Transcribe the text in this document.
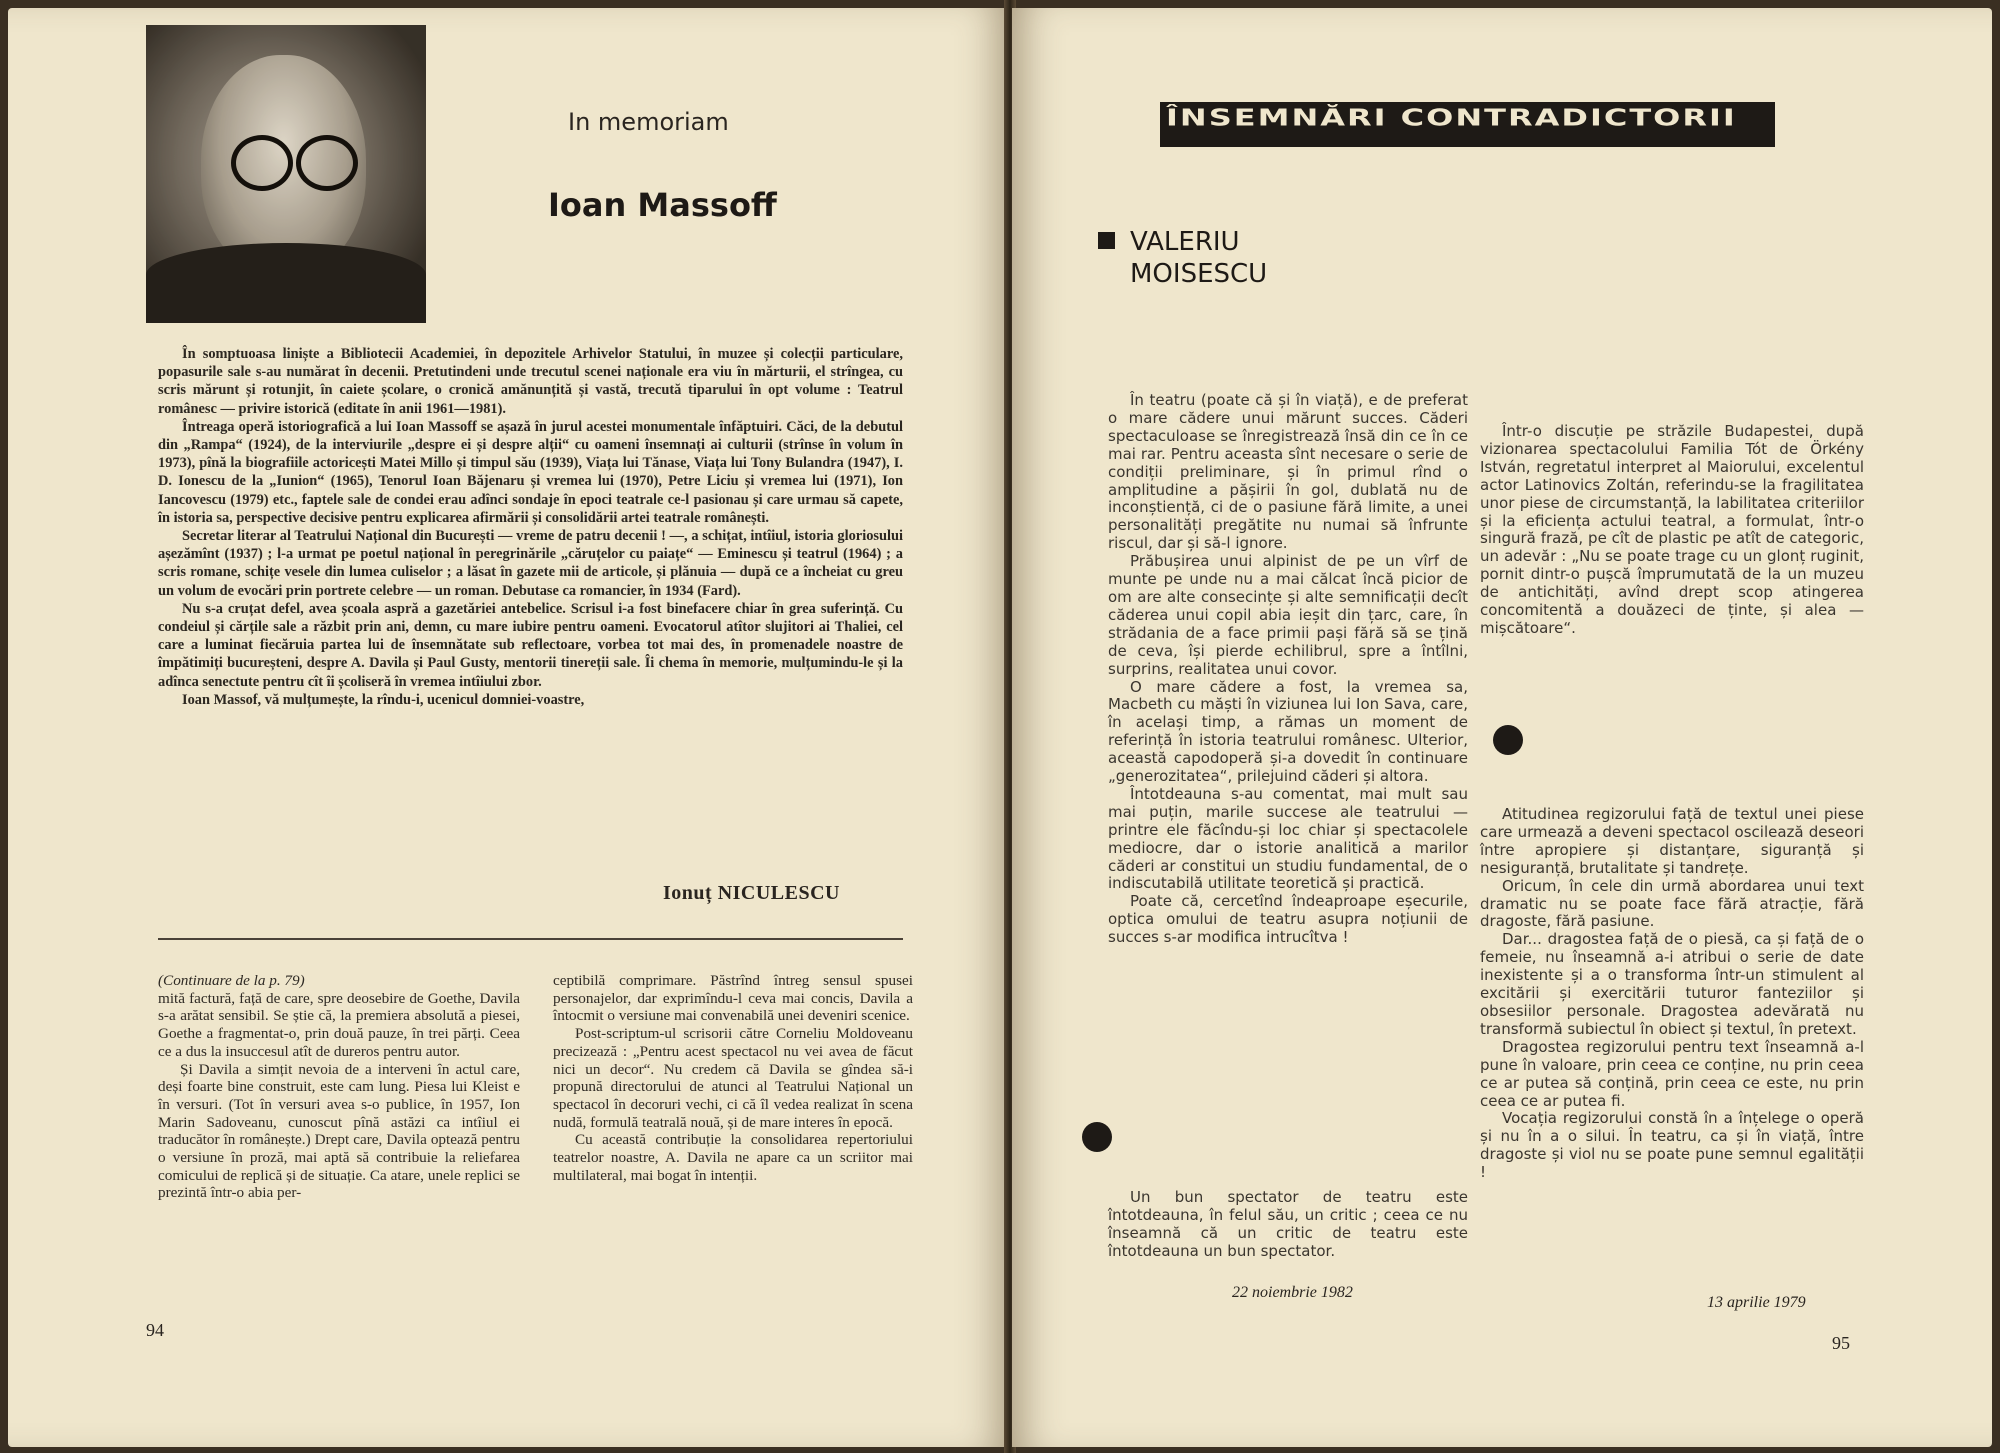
In memoriam
Ioan Massoff

În somptuoasa liniște a Bibliotecii Academiei, în depozitele Arhivelor Statului, în muzee și colecții particulare, popasurile sale s-au numărat în decenii. Pretutindeni unde trecutul scenei naționale era viu în mărturii, el strîngea, cu scris mărunt și rotunjit, în caiete școlare, o cronică amănunțită și vastă, trecută tiparului în opt volume : Teatrul românesc — privire istorică (editate în anii 1961—1981).

Întreaga operă istoriografică a lui Ioan Massoff se așază în jurul acestei monumentale înfăptuiri. Căci, de la debutul din „Rampa“ (1924), de la interviurile „despre ei și despre alții“ cu oameni însemnați ai culturii (strînse în volum în 1973), pînă la biografiile actoricești Matei Millo și timpul său (1939), Viața lui Tănase, Viața lui Tony Bulandra (1947), I. D. Ionescu de la „Iunion“ (1965), Tenorul Ioan Băjenaru și vremea lui (1970), Petre Liciu și vremea lui (1971), Ion Iancovescu (1979) etc., faptele sale de condei erau adînci sondaje în epoci teatrale ce-l pasionau și care urmau să capete, în istoria sa, perspective decisive pentru explicarea afirmării și consolidării artei teatrale românești.

Secretar literar al Teatrului Național din București — vreme de patru decenii ! —, a schițat, intîiul, istoria gloriosului așezămînt (1937) ; l-a urmat pe poetul național în peregrinările „căruțelor cu paiațe“ — Eminescu și teatrul (1964) ; a scris romane, schițe vesele din lumea culiselor ; a lăsat în gazete mii de articole, și plănuia — după ce a încheiat cu greu un volum de evocări prin portrete celebre — un roman. Debutase ca romancier, în 1934 (Fard).

Nu s-a cruțat defel, avea școala aspră a gazetăriei antebelice. Scrisul i-a fost binefacere chiar în grea suferință. Cu condeiul și cărțile sale a răzbit prin ani, demn, cu mare iubire pentru oameni. Evocatorul atîtor slujitori ai Thaliei, cel care a luminat fiecăruia partea lui de însemnătate sub reflectoare, vorbea tot mai des, în promenadele noastre de împătimiți bucureșteni, despre A. Davila și Paul Gusty, mentorii tinereții sale. Îi chema în memorie, mulțumindu-le și la adînca senectute pentru cît îi școliseră în vremea intîiului zbor.

Ioan Massof, vă mulțumește, la rîndu-i, ucenicul domniei-voastre,

Ionuț NICULESCU

(Continuare de la p. 79)

mită factură, față de care, spre deosebire de Goethe, Davila s-a arătat sensibil. Se știe că, la premiera absolută a piesei, Goethe a fragmentat-o, prin două pauze, în trei părți. Ceea ce a dus la insuccesul atît de dureros pentru autor.

Și Davila a simțit nevoia de a interveni în actul care, deși foarte bine construit, este cam lung. Piesa lui Kleist e în versuri. (Tot în versuri avea s-o publice, în 1957, Ion Marin Sadoveanu, cunoscut pînă astăzi ca intîiul ei traducător în românește.) Drept care, Davila optează pentru o versiune în proză, mai aptă să contribuie la reliefarea comicului de replică și de situație. Ca atare, unele replici se prezintă într-o abia per-

ceptibilă comprimare. Păstrînd întreg sensul spusei personajelor, dar exprimîndu-l ceva mai concis, Davila a întocmit o versiune mai convenabilă unei deveniri scenice.

Post-scriptum-ul scrisorii către Corneliu Moldoveanu precizează : „Pentru acest spectacol nu vei avea de făcut nici un decor“. Nu credem că Davila se gîndea să-i propună directorului de atunci al Teatrului Național un spectacol în decoruri vechi, ci că îl vedea realizat în scena nudă, formulă teatrală nouă, și de mare interes în epocă.

Cu această contribuție la consolidarea repertoriului teatrelor noastre, A. Davila ne apare ca un scriitor mai multilateral, mai bogat în intenții.

94
ÎNSEMNĂRI CONTRADICTORII
VALERIU
MOISESCU

În teatru (poate că și în viață), e de preferat o mare cădere unui mărunt succes. Căderi spectaculoase se înregistrează însă din ce în ce mai rar. Pentru aceasta sînt necesare o serie de condiții preliminare, și în primul rînd o amplitudine a pășirii în gol, dublată nu de inconștiență, ci de o pasiune fără limite, a unei personalități pregătite nu numai să înfrunte riscul, dar și să-l ignore.

Prăbușirea unui alpinist de pe un vîrf de munte pe unde nu a mai călcat încă picior de om are alte consecințe și alte semnificații decît căderea unui copil abia ieșit din țarc, care, în strădania de a face primii pași fără să se țină de ceva, își pierde echilibrul, spre a întîlni, surprins, realitatea unui covor.

O mare cădere a fost, la vremea sa, Macbeth cu măști în viziunea lui Ion Sava, care, în același timp, a rămas un moment de referință în istoria teatrului românesc. Ulterior, această capodoperă și-a dovedit în continuare „generozitatea“, prilejuind căderi și altora.

Întotdeauna s-au comentat, mai mult sau mai puțin, marile succese ale teatrului — printre ele făcîndu-și loc chiar și spectacolele mediocre, dar o istorie analitică a marilor căderi ar constitui un studiu fundamental, de o indiscutabilă utilitate teoretică și practică.

Poate că, cercetînd îndeaproape eșecurile, optica omului de teatru asupra noțiunii de succes s-ar modifica intrucîtva !

Un bun spectator de teatru este întotdeauna, în felul său, un critic ; ceea ce nu înseamnă că un critic de teatru este întotdeauna un bun spectator.

22 noiembrie 1982

Într-o discuție pe străzile Budapestei, după vizionarea spectacolului Familia Tót de Örkény István, regretatul interpret al Maiorului, excelentul actor Latinovics Zoltán, referindu-se la fragilitatea unor piese de circumstanță, la labilitatea criteriilor și la eficiența actului teatral, a formulat, într-o singură frază, pe cît de plastic pe atît de categoric, un adevăr : „Nu se poate trage cu un glonț ruginit, pornit dintr-o pușcă împrumutată de la un muzeu de antichități, avînd drept scop atingerea concomitentă a douăzeci de ținte, și alea — mișcătoare“.

Atitudinea regizorului față de textul unei piese care urmează a deveni spectacol oscilează deseori între apropiere și distanțare, siguranță și nesiguranță, brutalitate și tandrețe.

Oricum, în cele din urmă abordarea unui text dramatic nu se poate face fără atracție, fără dragoste, fără pasiune.

Dar... dragostea față de o piesă, ca și față de o femeie, nu înseamnă a-i atribui o serie de date inexistente și a o transforma într-un stimulent al excitării și exercitării tuturor fanteziilor și obsesiilor personale. Dragostea adevărată nu transformă subiectul în obiect și textul, în pretext.

Dragostea regizorului pentru text înseamnă a-l pune în valoare, prin ceea ce conține, nu prin ceea ce ar putea să conțină, prin ceea ce este, nu prin ceea ce ar putea fi.

Vocația regizorului constă în a înțelege o operă și nu în a o silui. În teatru, ca și în viață, între dragoste și viol nu se poate pune semnul egalității !

13 aprilie 1979
95
